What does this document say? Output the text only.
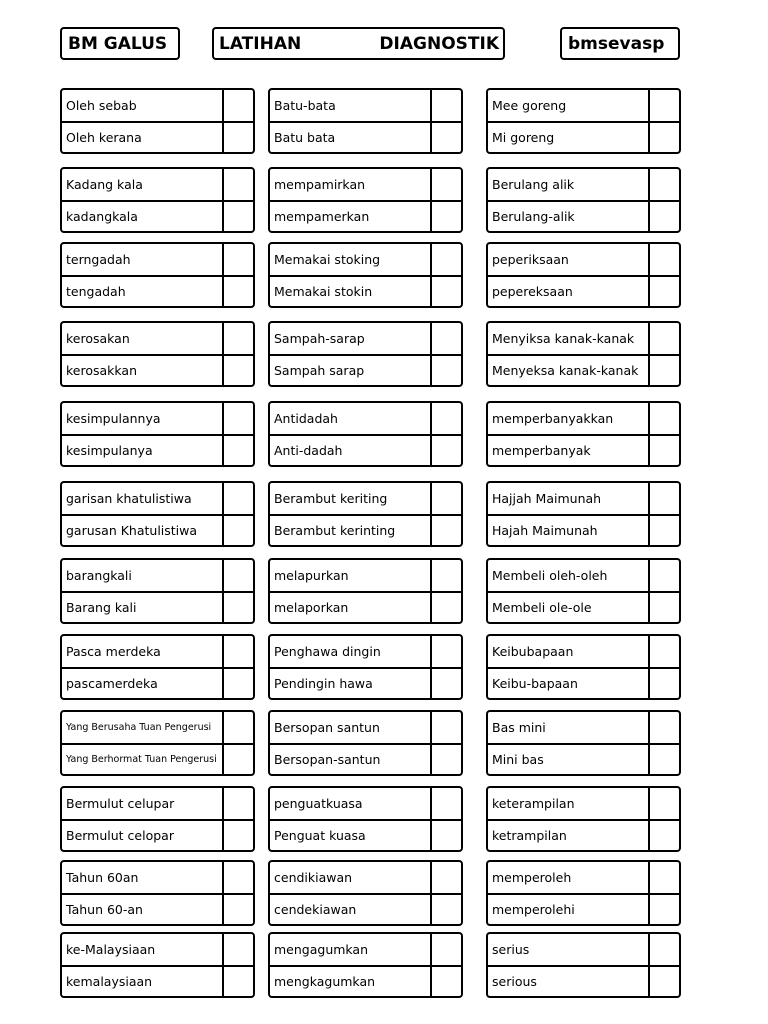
BM GALUS	LATIHAN	DIAGNOSTIK	bmsevasp
Oleh sebab
Oleh kerana
Kadang kala
kadangkala
terngadah
tengadah
kerosakan
kerosakkan
kesimpulannya
kesimpulanya
garisan khatulistiwa
garusan Khatulistiwa
barangkali
Barang kali
Pasca merdeka
pascamerdeka
Yang Berusaha Tuan Pengerusi
Yang Berhormat Tuan Pengerusi
Bermulut celupar
Bermulut celopar
Tahun 60an
Tahun 60-an
ke-Malaysiaan
kemalaysiaan
Batu-bata
Batu bata
mempamirkan
mempamerkan
Memakai stoking
Memakai stokin
Sampah-sarap
Sampah sarap
Antidadah
Anti-dadah
Berambut keriting
Berambut kerinting
melapurkan
melaporkan
Penghawa dingin
Pendingin hawa
Bersopan santun
Bersopan-santun
penguatkuasa
Penguat kuasa
cendikiawan
cendekiawan
mengagumkan
mengkagumkan
Mee goreng
Mi goreng
Berulang alik
Berulang-alik
peperiksaan
pepereksaan
Menyiksa kanak-kanak
Menyeksa kanak-kanak
memperbanyakkan
memperbanyak
Hajjah Maimunah
Hajah Maimunah
Membeli oleh-oleh
Membeli ole-ole
Keibubapaan
Keibu-bapaan
Bas mini
Mini bas
keterampilan
ketrampilan
memperoleh
memperolehi
serius
serious
